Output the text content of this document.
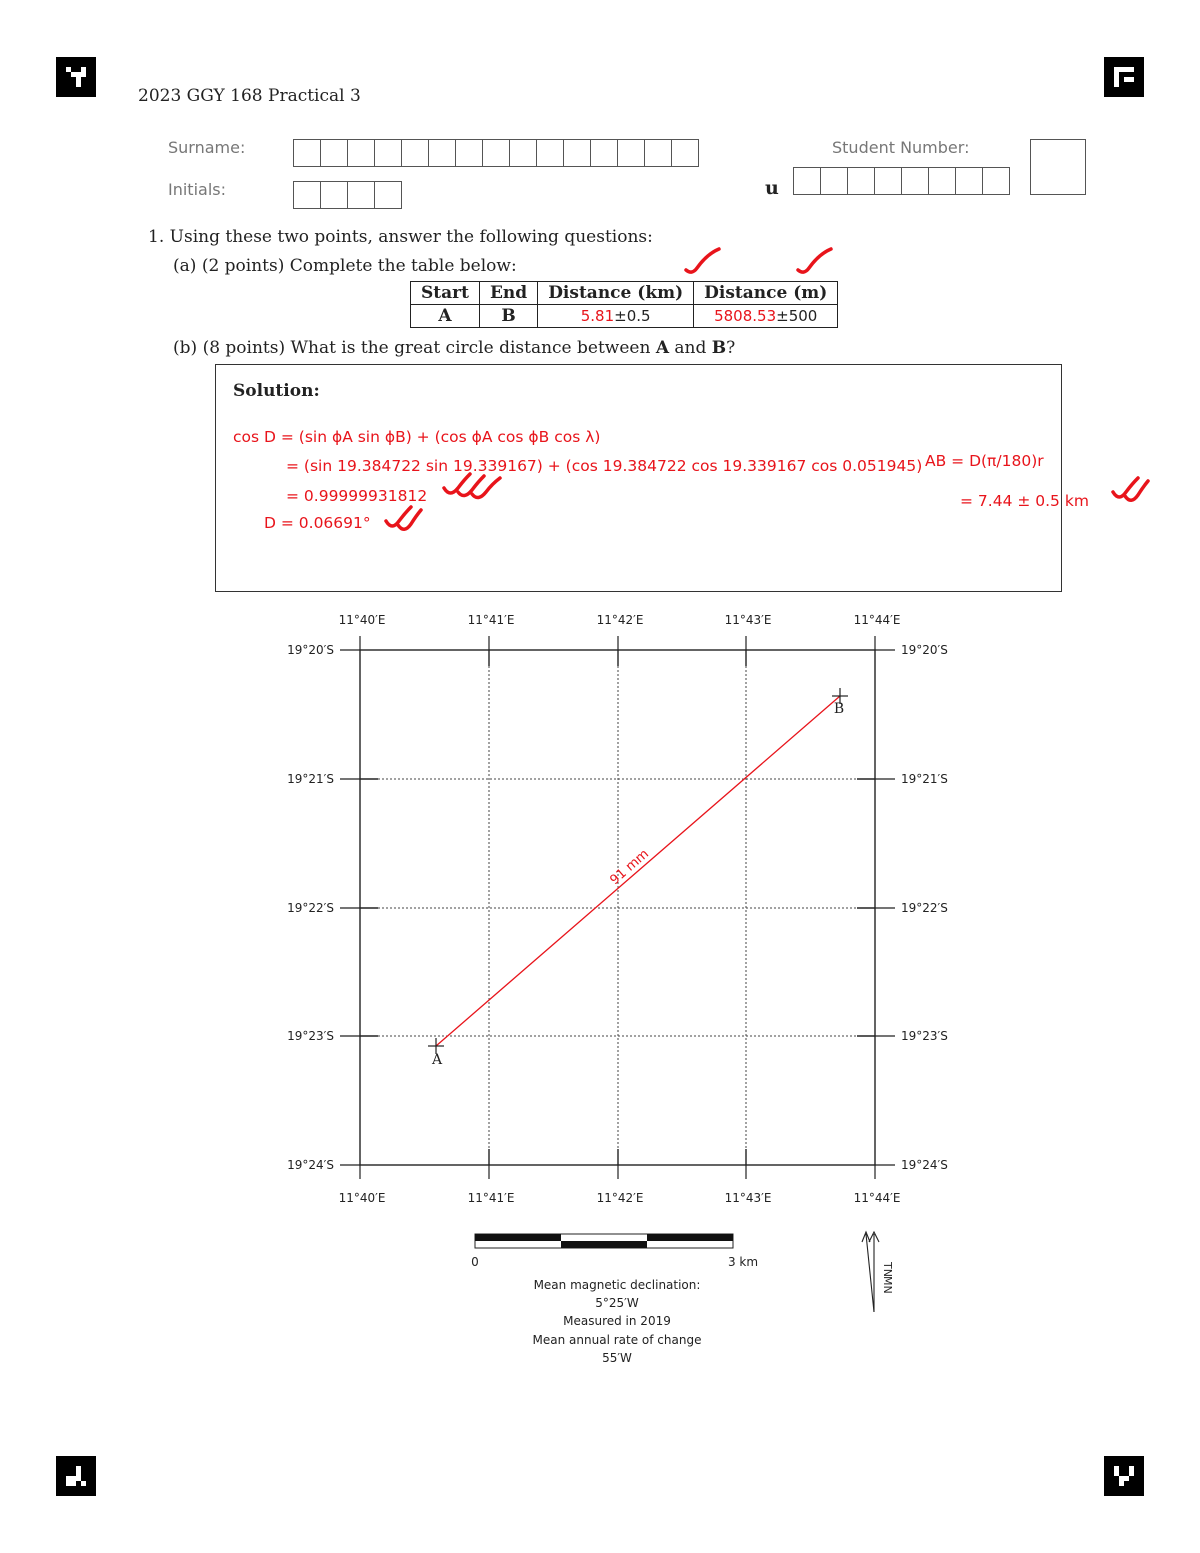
2023 GGY 168 Practical 3
Surname:
Initials:
Student Number:
u
1. Using these two points, answer the following questions:
(a) (2 points) Complete the table below:
Start	End	Distance (km)	Distance (m)
A	B	5.81±0.5	5808.53±500
(b) (8 points) What is the great circle distance between A and B?
Solution:
cos D = (sin ϕA sin ϕB) + (cos ϕA cos ϕB cos λ)
= (sin 19.384722 sin 19.339167) + (cos 19.384722 cos 19.339167 cos 0.051945)
= 0.99999931812
D = 0.06691°
AB = D(π/180)r
= 7.44 ± 0.5 km
11°40′E	11°41′E	11°42′E	11°43′E	11°44′E
11°40′E	11°41′E	11°42′E	11°43′E	11°44′E
19°20′S
19°21′S
19°22′S
19°23′S
19°24′S
19°20′S
19°21′S
19°22′S
19°23′S
19°24′S
91 mm
A
B
0	3 km
Mean magnetic declination:
5°25′W
Measured in 2019
Mean annual rate of change
55′W
TN
MN
